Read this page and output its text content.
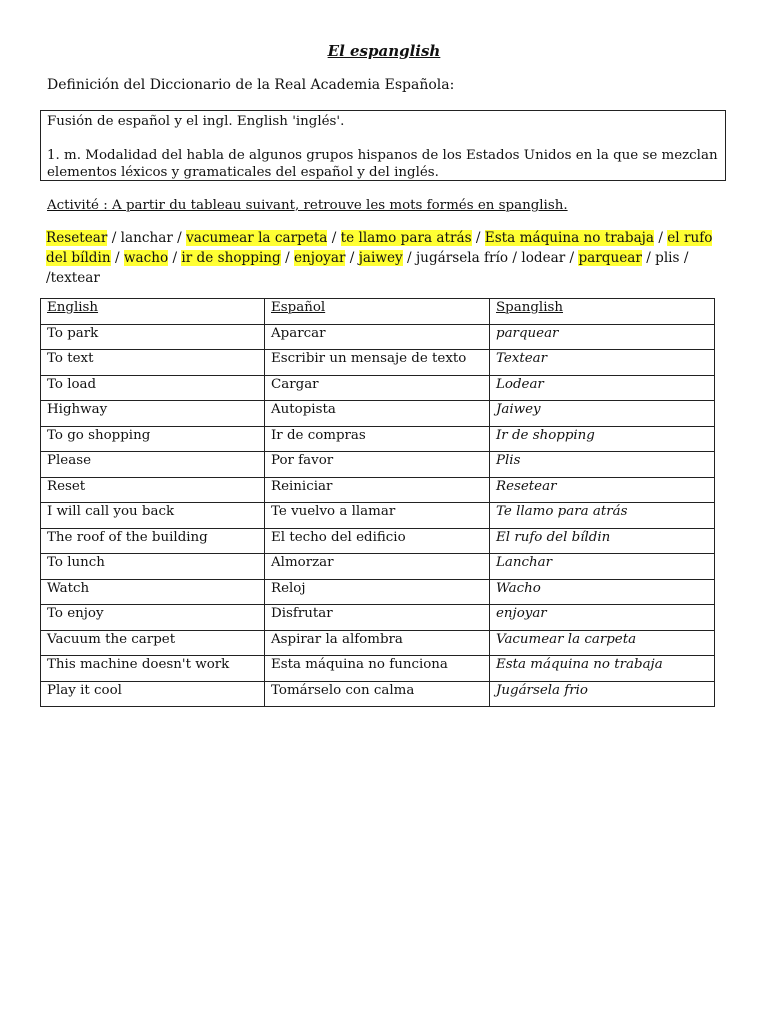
El espanglish
Definición del Diccionario de la Real Academia Española:
Fusión de español y el ingl. English 'inglés'.
1. m. Modalidad del habla de algunos grupos hispanos de los Estados Unidos en la que se mezclan
elementos léxicos y gramaticales del español y del inglés.
Activité : A partir du tableau suivant, retrouve les mots formés en spanglish.
Resetear / lanchar / vacumear la carpeta / te llamo para atrás / Esta máquina no trabaja / el rufo del bíldin / wacho / ir de shopping / enjoyar / jaiwey / jugársela frío / lodear / parquear / plis / /textear
English	Español	Spanglish
To park	Aparcar	parquear
To text	Escribir un mensaje de texto	Textear
To load	Cargar	Lodear
Highway	Autopista	Jaiwey
To go shopping	Ir de compras	Ir de shopping
Please	Por favor	Plis
Reset	Reiniciar	Resetear
I will call you back	Te vuelvo a llamar	Te llamo para atrás
The roof of the building	El techo del edificio	El rufo del bíldin
To lunch	Almorzar	Lanchar
Watch	Reloj	Wacho
To enjoy	Disfrutar	enjoyar
Vacuum the carpet	Aspirar la alfombra	Vacumear la carpeta
This machine doesn't work	Esta máquina no funciona	Esta máquina no trabaja
Play it cool	Tomárselo con calma	Jugársela frio
